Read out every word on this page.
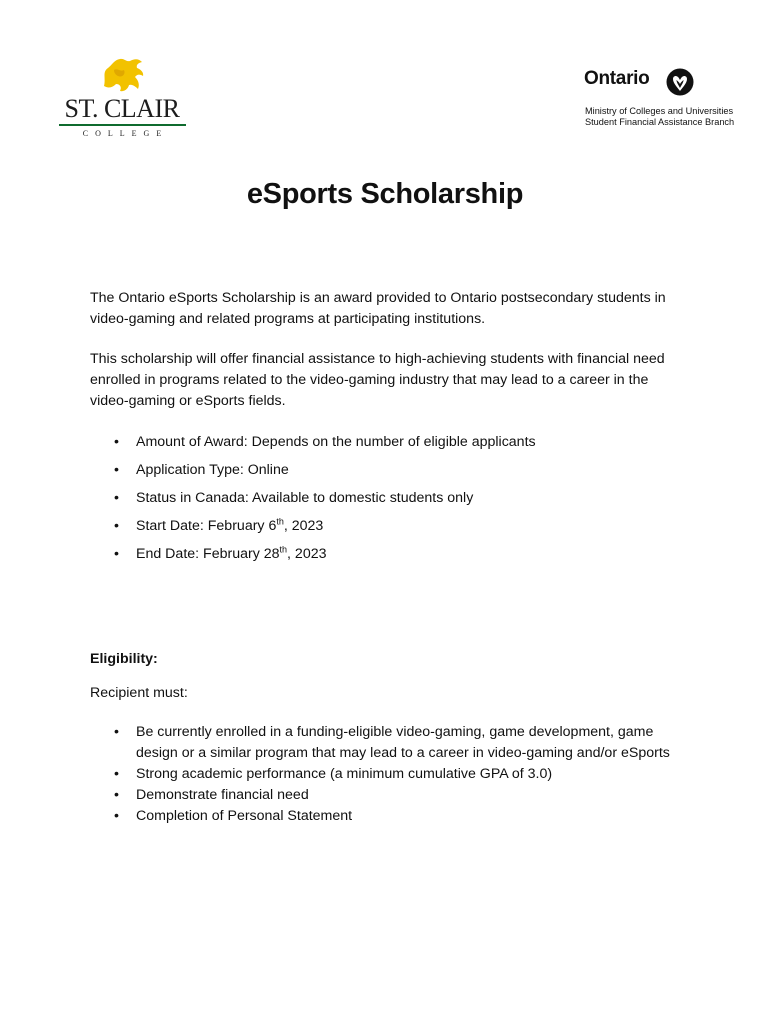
ST. CLAIR
COLLEGE
Ontario
Ministry of Colleges and Universities
Student Financial Assistance Branch
eSports Scholarship

The Ontario eSports Scholarship is an award provided to Ontario postsecondary students in video-gaming and related programs at participating institutions.

This scholarship will offer financial assistance to high-achieving students with financial need enrolled in programs related to the video-gaming industry that may lead to a career in the video-gaming or eSports fields.

• Amount of Award: Depends on the number of eligible applicants
• Application Type: Online
• Status in Canada: Available to domestic students only
• Start Date: February 6th, 2023
• End Date: February 28th, 2023

Eligibility:

Recipient must:

• Be currently enrolled in a funding-eligible video-gaming, game development, game design or a similar program that may lead to a career in video-gaming and/or eSports
• Strong academic performance (a minimum cumulative GPA of 3.0)
• Demonstrate financial need
• Completion of Personal Statement
